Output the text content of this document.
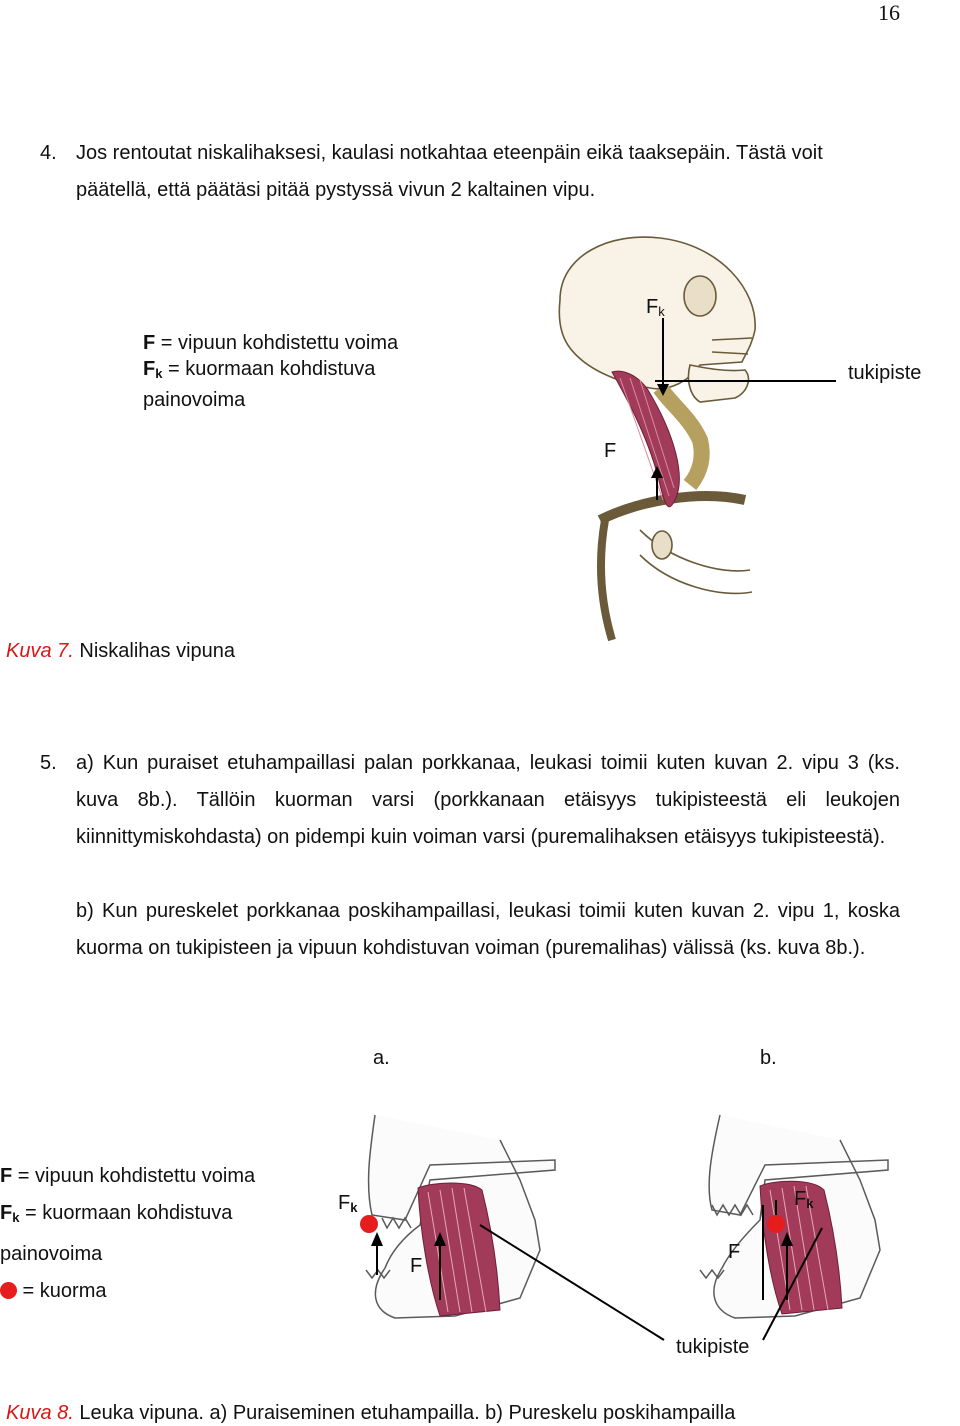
16
4. Jos rentoutat niskalihaksesi, kaulasi notkahtaa eteenpäin eikä taaksepäin. Tästä voit päätellä, että päätäsi pitää pystyssä vivun 2 kaltainen vipu.
F = vipuun kohdistettu voima
$F_k$ = kuormaan kohdistuva
painovoima
$F_k$
tukipiste
F
Kuva 7. Niskalihas vipuna
5. a) Kun puraiset etuhampaillasi palan porkkanaa, leukasi toimii kuten kuvan 2. vipu 3 (ks. kuva 8b.). Tällöin kuorman varsi (porkkanaan etäisyys tukipisteestä eli leukojen kiinnittymiskohdasta) on pidempi kuin voiman varsi (puremalihaksen etäisyys tukipisteestä).
b) Kun pureskelet porkkanaa poskihampaillasi, leukasi toimii kuten kuvan 2. vipu 1, koska kuorma on tukipisteen ja vipuun kohdistuvan voiman (puremalihas) välissä (ks. kuva 8b.).
a.	b.
F = vipuun kohdistettu voima
$F_k$ = kuormaan kohdistuva
painovoima
= kuorma
$F_k$
F
$F_k$
F
tukipiste
Kuva 8. Leuka vipuna. a) Puraiseminen etuhampailla. b) Pureskelu poskihampailla
